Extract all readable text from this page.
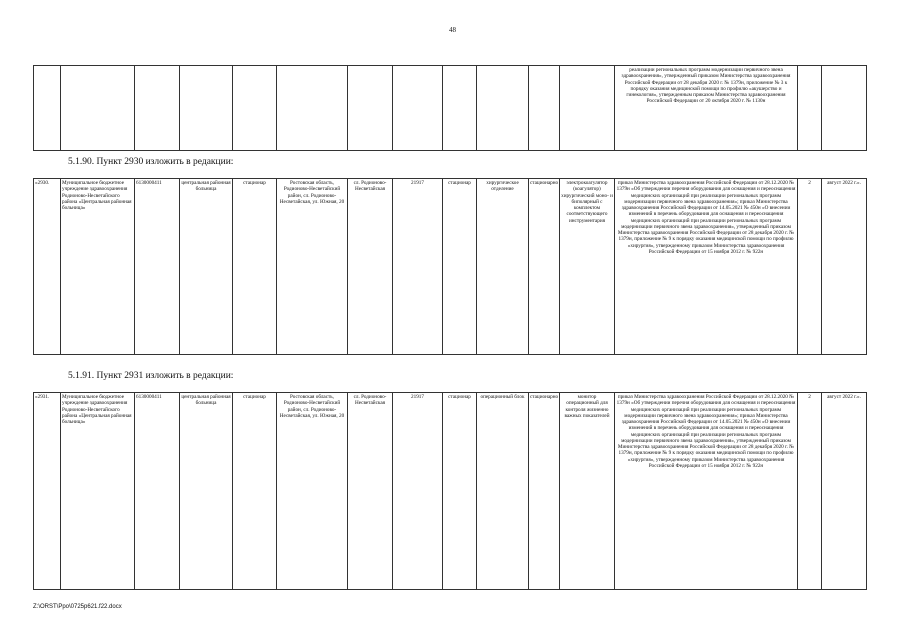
48
												реализации региональных программ модернизации первичного звена здравоохранения», утвержденный приказом Министерства здравоохранения Российской Федерации от 28 декабря 2020 г. № 1379н, приложение № 3 к порядку оказания медицинской помощи по профилю «акушерство и гинекология», утвержденным приказом Министерства здравоохранения Российской Федерации от 20 октября 2020 г. № 1130н		
5.1.90. Пункт 2930 изложить в редакции:
«2930.	Муниципальное бюджетное учреждение здравоохранения Родионово-Несветайского района «Центральная районная больница»	6130000411	центральная районная больница	стационар	Ростовская область, Родионово-Несветайский район, сл. Родионово-Несветайская, ул. Южная, 20	сл. Родионово-Несветайская	21917	стационар	хирургическое отделение	стационарно	электрокоагулятор (коагулятор) хирургический моно- и биполярный с комплектом соответствующего инструментария	приказ Министерства здравоохранения Российской Федерации от 28.12.2020 № 1379н «Об утверждении перечня оборудования для оснащения и переоснащения медицинских организаций при реализации региональных программ модернизации первичного звена здравоохранения»; приказ Министерства здравоохранения Российской Федерации от 14.05.2021 № 450н «О внесении изменений в перечень оборудования для оснащения и переоснащения медицинских организаций при реализации региональных программ модернизации первичного звена здравоохранения», утвержденный приказом Министерства здравоохранения Российской Федерации от 28 декабря 2020 г. № 1379н, приложение № 9 к порядку оказания медицинской помощи по профилю «хирургия», утвержденному приказом Министерства здравоохранения Российской Федерации от 15 ноября 2012 г. № 922н	2	август 2022 г.».
5.1.91. Пункт 2931 изложить в редакции:
«2931.	Муниципальное бюджетное учреждение здравоохранения Родионово-Несветайского района «Центральная районная больница»	6130000411	центральная районная больница	стационар	Ростовская область, Родионово-Несветайский район, сл. Родионово-Несветайская, ул. Южная, 20	сл. Родионово-Несветайская	21917	стационар	операционный блок	стационарно	монитор операционный для контроля жизненно важных показателей	приказ Министерства здравоохранения Российской Федерации от 28.12.2020 № 1379н «Об утверждении перечня оборудования для оснащения и переоснащения медицинских организаций при реализации региональных программ модернизации первичного звена здравоохранения»; приказ Министерства здравоохранения Российской Федерации от 14.05.2021 № 450н «О внесении изменений в перечень оборудования для оснащения и переоснащения медицинских организаций при реализации региональных программ модернизации первичного звена здравоохранения», утвержденный приказом Министерства здравоохранения Российской Федерации от 28 декабря 2020 г. № 1379н, приложение № 9 к порядку оказания медицинской помощи по профилю «хирургия», утвержденному приказом Министерства здравоохранения Российской Федерации от 15 ноября 2012 г. № 922н	2	август 2022 г.».
Z:\ORST\Ppo\0725p621.f22.docx
